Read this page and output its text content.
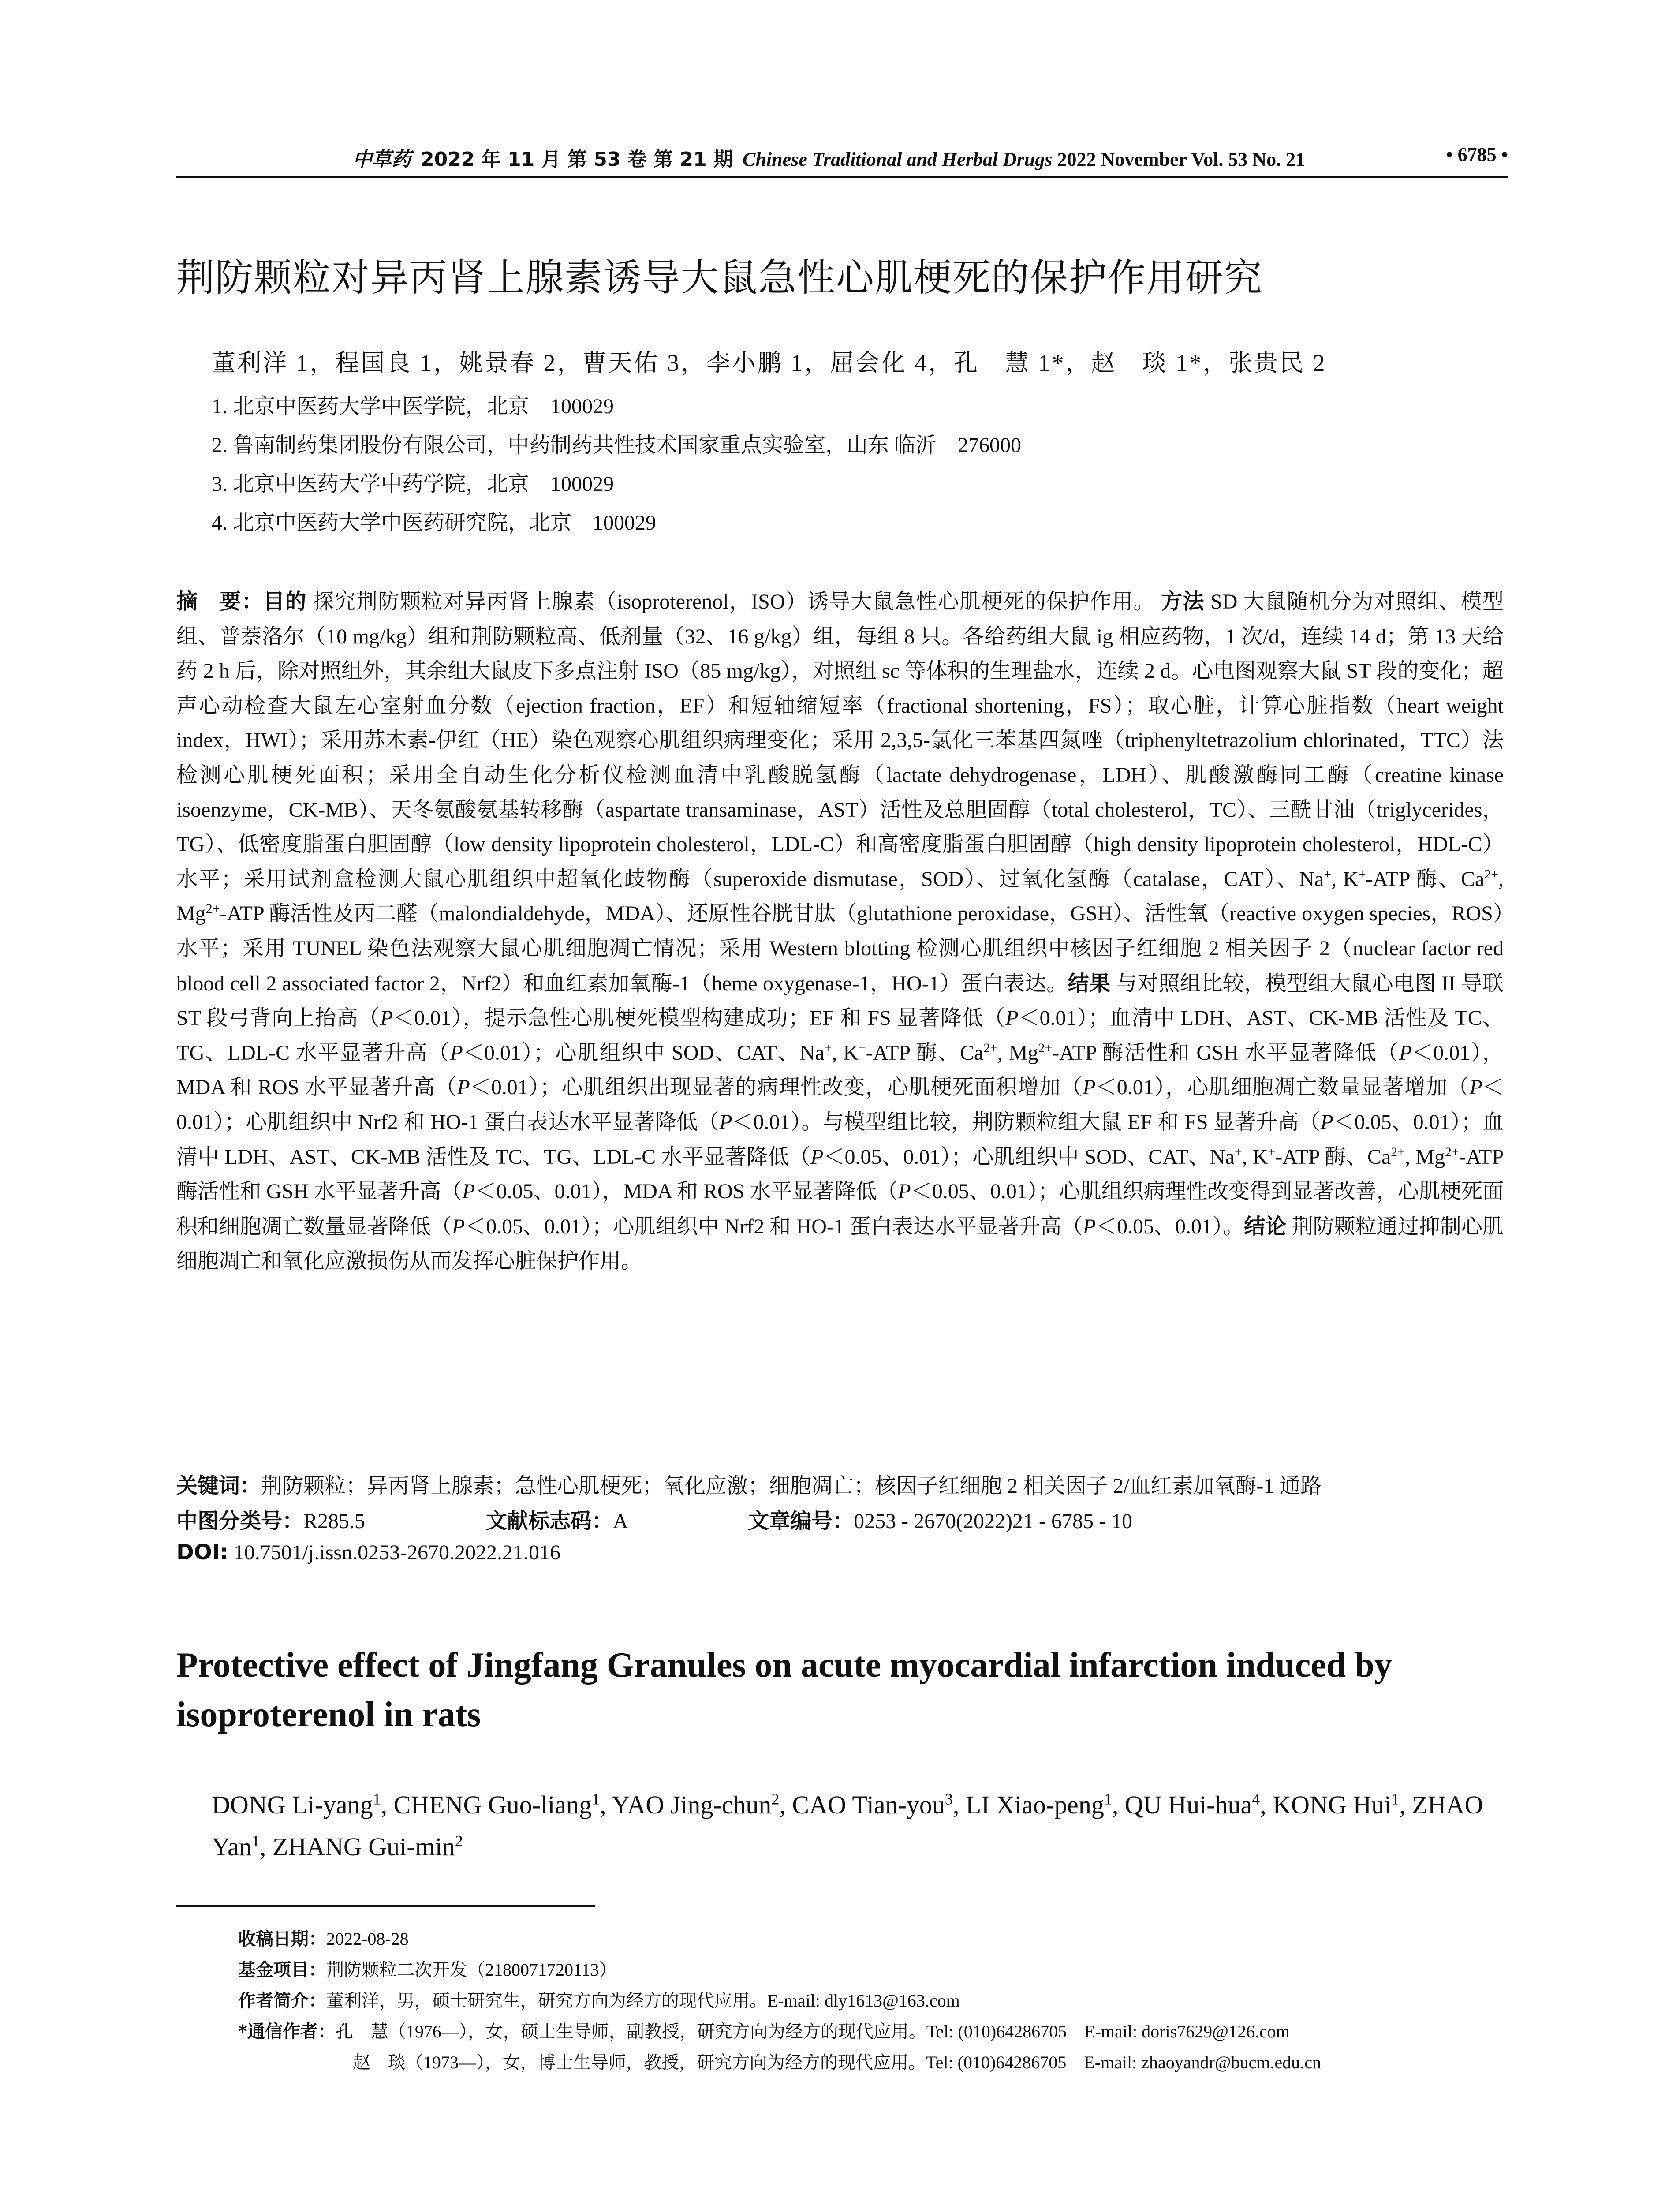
中草药 2022 年 11 月 第 53 卷 第 21 期 Chinese Traditional and Herbal Drugs 2022 November Vol. 53 No. 21	• 6785 •
荆防颗粒对异丙肾上腺素诱导大鼠急性心肌梗死的保护作用研究
董利洋 1，程国良 1，姚景春 2，曹天佑 3，李小鹏 1，屈会化 4，孔　慧 1*，赵　琰 1*，张贵民 2
1. 北京中医药大学中医学院，北京　100029
2. 鲁南制药集团股份有限公司，中药制药共性技术国家重点实验室，山东 临沂　276000
3. 北京中医药大学中药学院，北京　100029
4. 北京中医药大学中医药研究院，北京　100029
摘　要：目的 探究荆防颗粒对异丙肾上腺素（isoproterenol，ISO）诱导大鼠急性心肌梗死的保护作用。 方法 SD 大鼠随机分为对照组、模型组、普萘洛尔（10 mg/kg）组和荆防颗粒高、低剂量（32、16 g/kg）组，每组 8 只。各给药组大鼠 ig 相应药物，1 次/d，连续 14 d；第 13 天给药 2 h 后，除对照组外，其余组大鼠皮下多点注射 ISO（85 mg/kg），对照组 sc 等体积的生理盐水，连续 2 d。心电图观察大鼠 ST 段的变化；超声心动检查大鼠左心室射血分数（ejection fraction，EF）和短轴缩短率（fractional shortening，FS）；取心脏，计算心脏指数（heart weight index，HWI）；采用苏木素-伊红（HE）染色观察心肌组织病理变化；采用 2,3,5-氯化三苯基四氮唑（triphenyltetrazolium chlorinated，TTC）法检测心肌梗死面积；采用全自动生化分析仪检测血清中乳酸脱氢酶（lactate dehydrogenase，LDH）、肌酸激酶同工酶（creatine kinase isoenzyme，CK-MB）、天冬氨酸氨基转移酶（aspartate transaminase，AST）活性及总胆固醇（total cholesterol，TC）、三酰甘油（triglycerides，TG）、低密度脂蛋白胆固醇（low density lipoprotein cholesterol，LDL-C）和高密度脂蛋白胆固醇（high density lipoprotein cholesterol，HDL-C）水平；采用试剂盒检测大鼠心肌组织中超氧化歧物酶（superoxide dismutase，SOD）、过氧化氢酶（catalase，CAT）、Na+, K+-ATP 酶、$Ca^{2+}$, $Mg^{2+}$-ATP 酶活性及丙二醛（malondialdehyde，MDA）、还原性谷胱甘肽（glutathione peroxidase，GSH）、活性氧（reactive oxygen species，ROS）水平；采用 TUNEL 染色法观察大鼠心肌细胞凋亡情况；采用 Western blotting 检测心肌组织中核因子红细胞 2 相关因子 2（nuclear factor red blood cell 2 associated factor 2，Nrf2）和血红素加氧酶-1（heme oxygenase-1，HO-1）蛋白表达。结果 与对照组比较，模型组大鼠心电图 II 导联 ST 段弓背向上抬高（P＜0.01），提示急性心肌梗死模型构建成功；EF 和 FS 显著降低（P＜0.01）；血清中 LDH、AST、CK-MB 活性及 TC、TG、LDL-C 水平显著升高（P＜0.01）；心肌组织中 SOD、CAT、Na+, K+-ATP 酶、$Ca^{2+}$, $Mg^{2+}$-ATP 酶活性和 GSH 水平显著降低（P＜0.01），MDA 和 ROS 水平显著升高（P＜0.01）；心肌组织出现显著的病理性改变，心肌梗死面积增加（P＜0.01），心肌细胞凋亡数量显著增加（P＜0.01）；心肌组织中 Nrf2 和 HO-1 蛋白表达水平显著降低（P＜0.01）。与模型组比较，荆防颗粒组大鼠 EF 和 FS 显著升高（P＜0.05、0.01）；血清中 LDH、AST、CK-MB 活性及 TC、TG、LDL-C 水平显著降低（P＜0.05、0.01）；心肌组织中 SOD、CAT、Na+, K+-ATP 酶、$Ca^{2+}$, $Mg^{2+}$-ATP 酶活性和 GSH 水平显著升高（P＜0.05、0.01），MDA 和 ROS 水平显著降低（P＜0.05、0.01）；心肌组织病理性改变得到显著改善，心肌梗死面积和细胞凋亡数量显著降低（P＜0.05、0.01）；心肌组织中 Nrf2 和 HO-1 蛋白表达水平显著升高（P＜0.05、0.01）。结论 荆防颗粒通过抑制心肌细胞凋亡和氧化应激损伤从而发挥心脏保护作用。
关键词：荆防颗粒；异丙肾上腺素；急性心肌梗死；氧化应激；细胞凋亡；核因子红细胞 2 相关因子 2/血红素加氧酶-1 通路
中图分类号：R285.5	文献标志码：A	文章编号：0253 - 2670(2022)21 - 6785 - 10
DOI: 10.7501/j.issn.0253-2670.2022.21.016
Protective effect of Jingfang Granules on acute myocardial infarction induced by isoproterenol in rats
DONG Li-yang$^1$, CHENG Guo-liang$^1$, YAO Jing-chun$^2$, CAO Tian-you$^3$, LI Xiao-peng$^1$, QU Hui-hua$^4$, KONG Hui$^1$, ZHAO Yan$^1$, ZHANG Gui-$\min^2$
收稿日期：2022-08-28
基金项目：荆防颗粒二次开发（2180071720113）
作者简介：董利洋，男，硕士研究生，研究方向为经方的现代应用。E-mail: dly1613@163.com
*通信作者：孔　慧（1976—），女，硕士生导师，副教授，研究方向为经方的现代应用。Tel: (010)64286705　E-mail: doris7629@126.com
赵　琰（1973—），女，博士生导师，教授，研究方向为经方的现代应用。Tel: (010)64286705　E-mail: zhaoyandr@bucm.edu.cn
